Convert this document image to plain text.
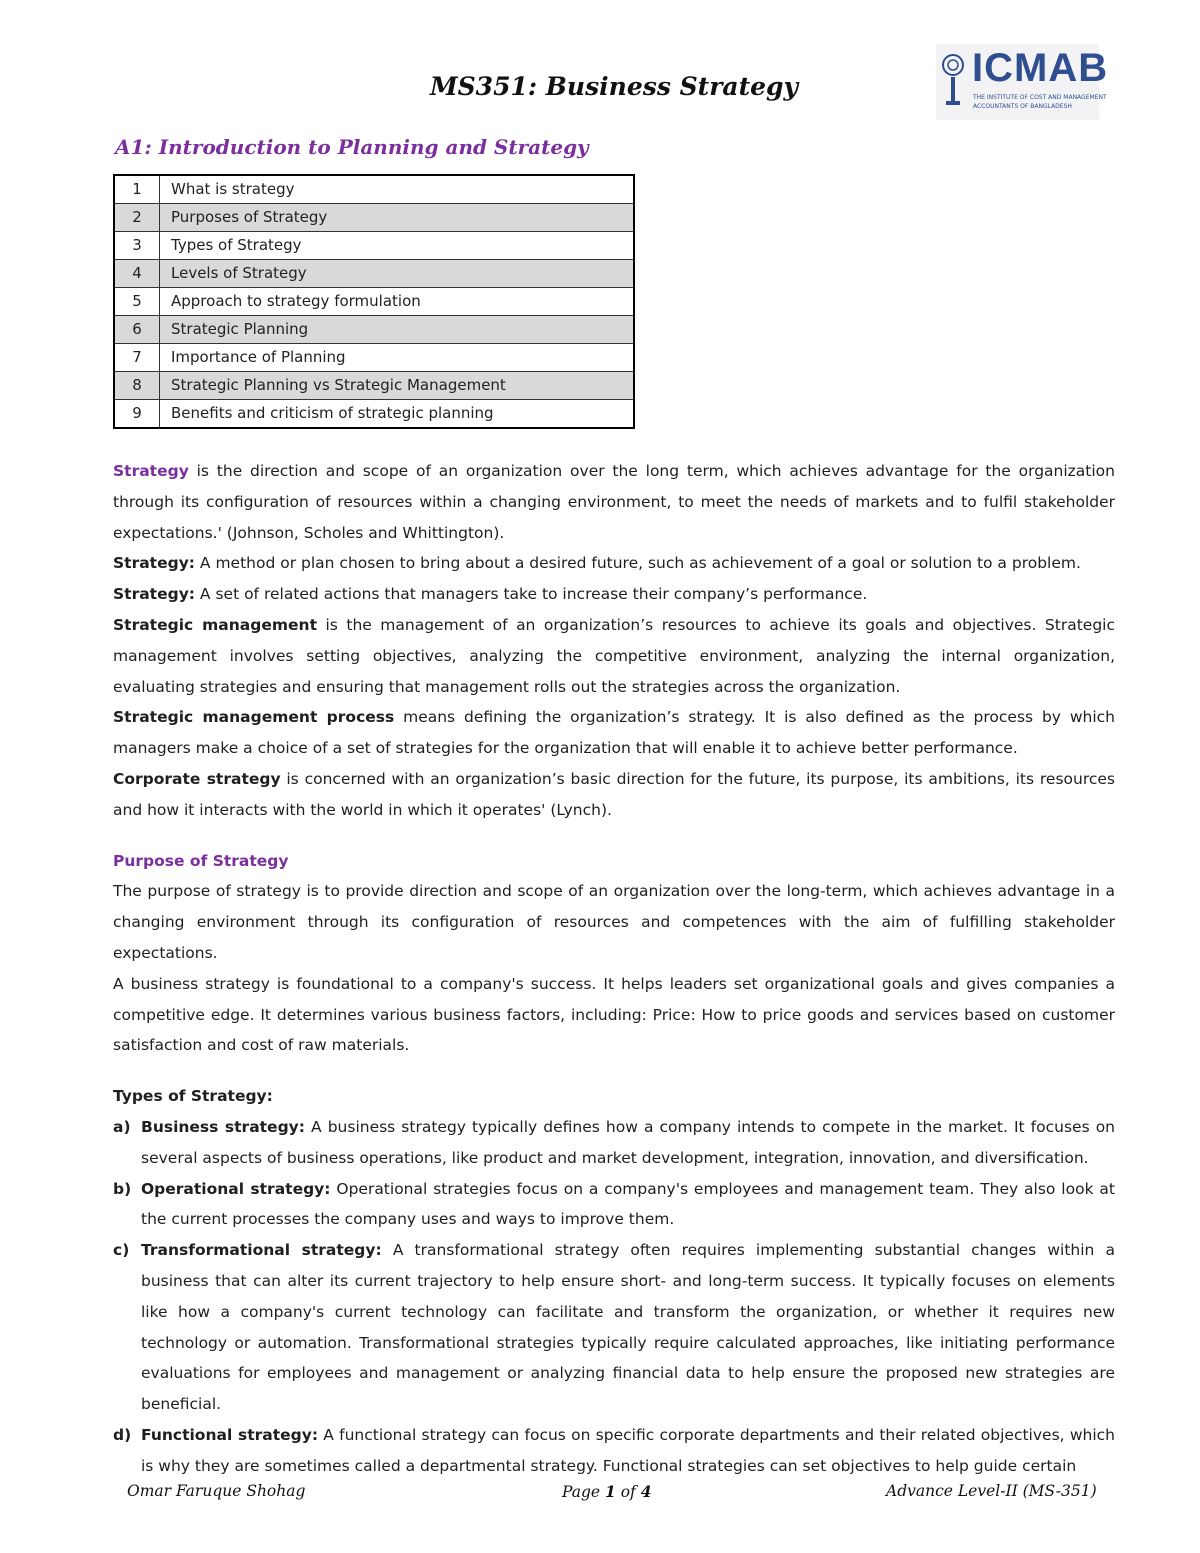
MS351: Business Strategy	ICMAB
THE INSTITUTE OF COST AND MANAGEMENT
ACCOUNTANTS OF BANGLADESH
A1: Introduction to Planning and Strategy
1	What is strategy
2	Purposes of Strategy
3	Types of Strategy
4	Levels of Strategy
5	Approach to strategy formulation
6	Strategic Planning
7	Importance of Planning
8	Strategic Planning vs Strategic Management
9	Benefits and criticism of strategic planning

Strategy is the direction and scope of an organization over the long term, which achieves advantage for the organization through its configuration of resources within a changing environment, to meet the needs of markets and to fulfil stakeholder expectations.' (Johnson, Scholes and Whittington).

Strategy: A method or plan chosen to bring about a desired future, such as achievement of a goal or solution to a problem.

Strategy: A set of related actions that managers take to increase their company’s performance.

Strategic management is the management of an organization’s resources to achieve its goals and objectives. Strategic management involves setting objectives, analyzing the competitive environment, analyzing the internal organization, evaluating strategies and ensuring that management rolls out the strategies across the organization.

Strategic management process means defining the organization’s strategy. It is also defined as the process by which managers make a choice of a set of strategies for the organization that will enable it to achieve better performance.

Corporate strategy is concerned with an organization’s basic direction for the future, its purpose, its ambitions, its resources and how it interacts with the world in which it operates' (Lynch).

Purpose of Strategy

The purpose of strategy is to provide direction and scope of an organization over the long-term, which achieves advantage in a changing environment through its configuration of resources and competences with the aim of fulfilling stakeholder expectations.

A business strategy is foundational to a company's success. It helps leaders set organizational goals and gives companies a competitive edge. It determines various business factors, including: Price: How to price goods and services based on customer satisfaction and cost of raw materials.

Types of Strategy:

a) Business strategy: A business strategy typically defines how a company intends to compete in the market. It focuses on several aspects of business operations, like product and market development, integration, innovation, and diversification.
b) Operational strategy: Operational strategies focus on a company's employees and management team. They also look at the current processes the company uses and ways to improve them.
c) Transformational strategy: A transformational strategy often requires implementing substantial changes within a business that can alter its current trajectory to help ensure short- and long-term success. It typically focuses on elements like how a company's current technology can facilitate and transform the organization, or whether it requires new technology or automation. Transformational strategies typically require calculated approaches, like initiating performance evaluations for employees and management or analyzing financial data to help ensure the proposed new strategies are beneficial.
d) Functional strategy: A functional strategy can focus on specific corporate departments and their related objectives, which is why they are sometimes called a departmental strategy. Functional strategies can set objectives to help guide certain
Omar Faruque Shohag	Page 1 of 4	Advance Level-II (MS-351)
